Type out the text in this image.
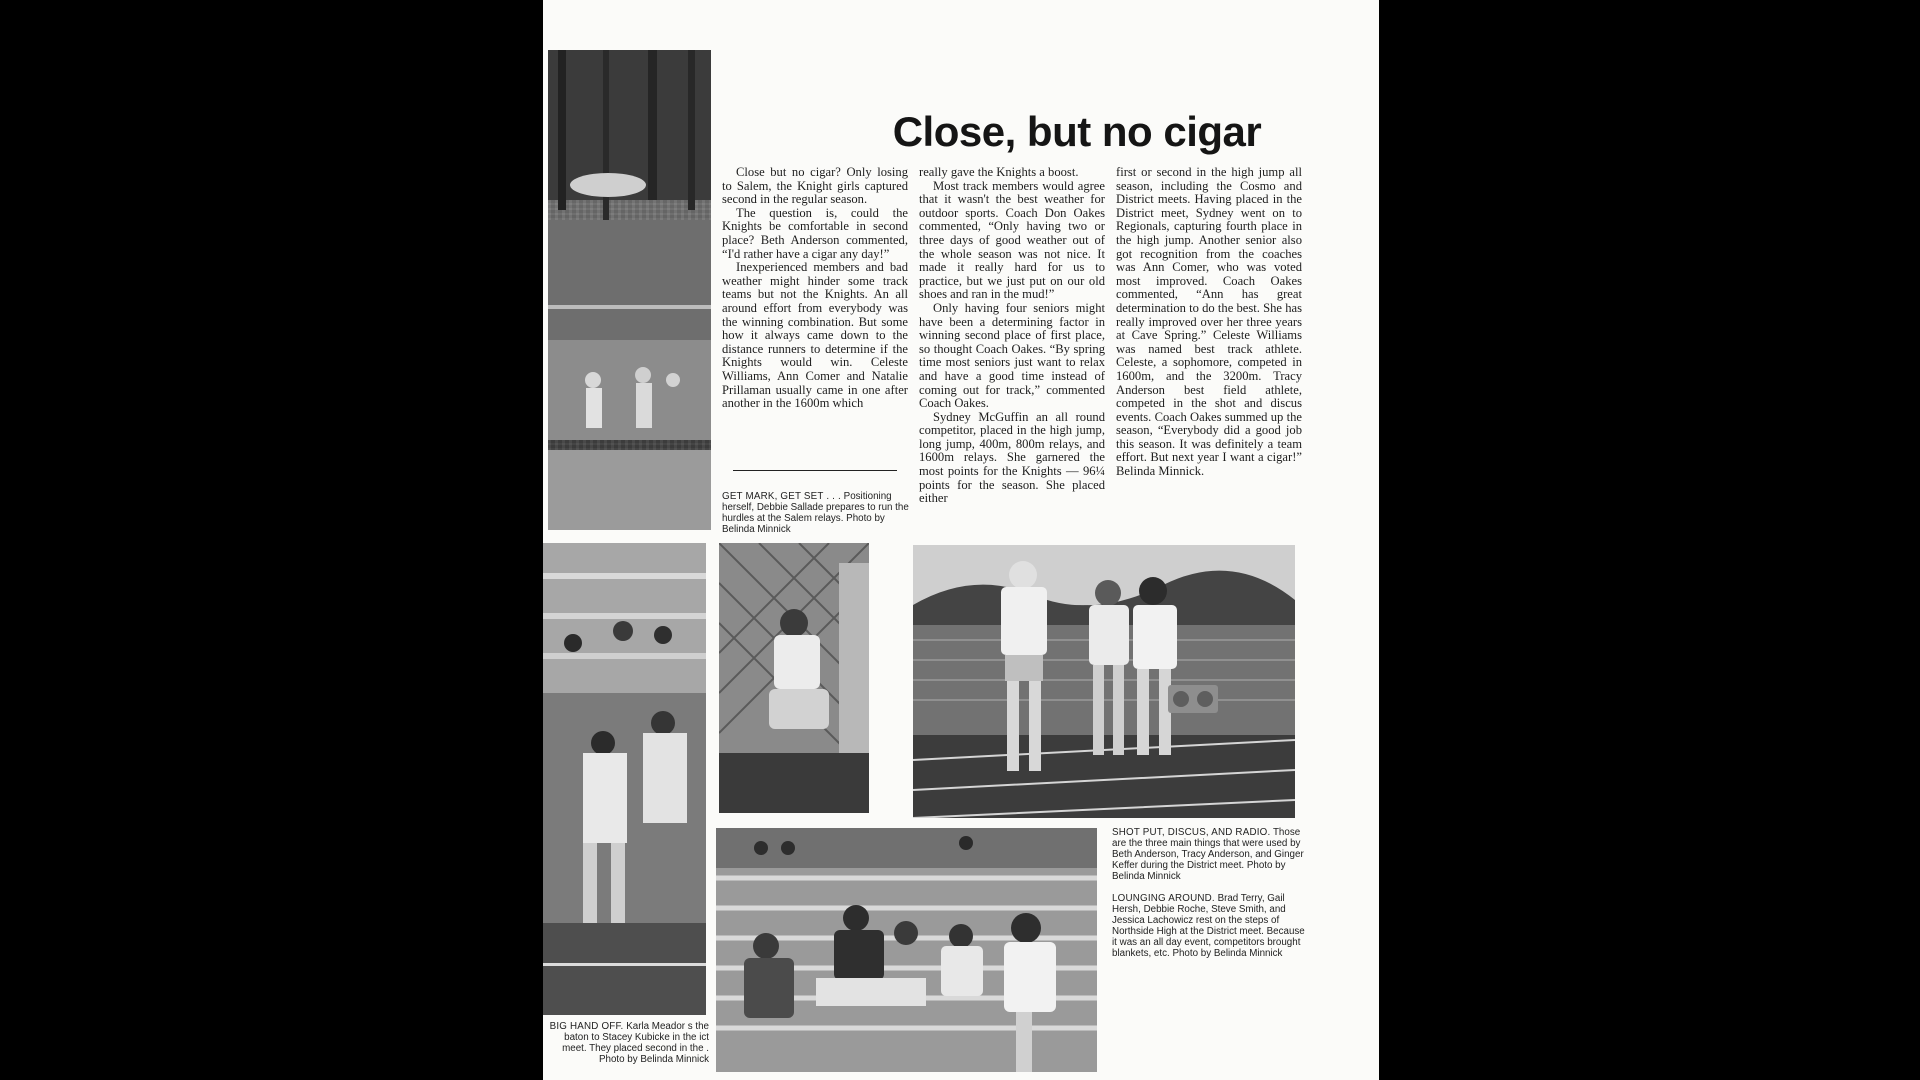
Close, but no cigar

Close but no cigar? Only losing to Salem, the Knight girls captured second in the regular season.

The question is, could the Knights be comfortable in second place? Beth Anderson commented, “I'd rather have a cigar any day!”

Inexperienced members and bad weather might hinder some track teams but not the Knights. An all around effort from everybody was the winning combination. But some how it always came down to the distance runners to determine if the Knights would win. Celeste Williams, Ann Comer and Natalie Prillaman usually came in one after another in the 1600m which

really gave the Knights a boost.

Most track members would agree that it wasn't the best weather for outdoor sports. Coach Don Oakes commented, “Only having two or three days of good weather out of the whole season was not nice. It made it really hard for us to practice, but we just put on our old shoes and ran in the mud!”

Only having four seniors might have been a determining factor in winning second place of first place, so thought Coach Oakes. “By spring time most seniors just want to relax and have a good time instead of coming out for track,” commented Coach Oakes.

Sydney McGuffin an all round competitor, placed in the high jump, long jump, 400m, 800m relays, and 1600m relays. She garnered the most points for the Knights — 96¼ points for the season. She placed either

first or second in the high jump all season, including the Cosmo and District meets. Having placed in the District meet, Sydney went on to Regionals, capturing fourth place in the high jump. Another senior also got recognition from the coaches was Ann Comer, who was voted most improved. Coach Oakes commented, “Ann has great determination to do the best. She has really improved over her three years at Cave Spring.” Celeste Williams was named best track athlete. Celeste, a sophomore, competed in 1600m, and the 3200m. Tracy Anderson best field athlete, competed in the shot and discus events. Coach Oakes summed up the season, “Everybody did a good job this season. It was definitely a team effort. But next year I want a cigar!” Belinda Minnick.

GET MARK, GET SET . . . Positioning herself, Debbie Sallade prepares to run the hurdles at the Salem relays. Photo by Belinda Minnick
BIG HAND OFF. Karla Meador s the baton to Stacey Kubicke in the ict meet. They placed second in the . Photo by Belinda Minnick
SHOT PUT, DISCUS, AND RADIO. Those are the three main things that were used by Beth Anderson, Tracy Anderson, and Ginger Keffer during the District meet. Photo by Belinda Minnick
LOUNGING AROUND. Brad Terry, Gail Hersh, Debbie Roche, Steve Smith, and Jessica Lachowicz rest on the steps of Northside High at the District meet. Because it was an all day event, competitors brought blankets, etc. Photo by Belinda Minnick
